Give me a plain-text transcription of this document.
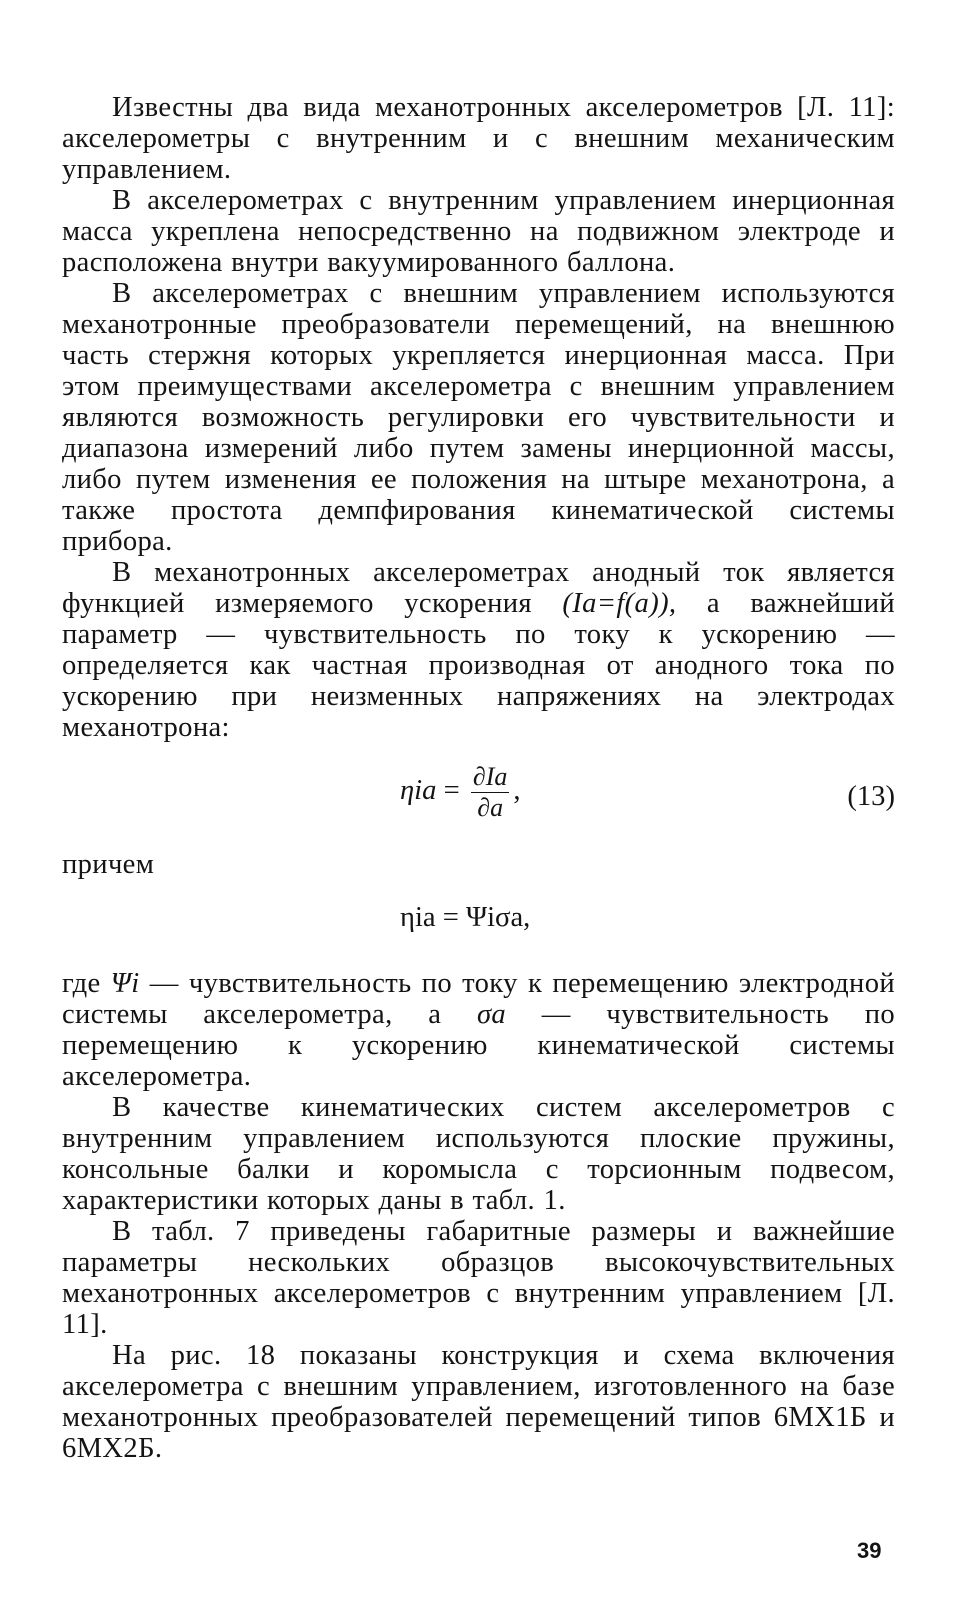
Известны два вида механотронных акселерометров [Л. 11]: акселерометры с внутренним и с внешним механическим управлением.

В акселерометрах с внутренним управлением инерционная масса укреплена непосредственно на подвижном электроде и расположена внутри вакуумированного баллона.

В акселерометрах с внешним управлением используются механотронные преобразователи перемещений, на внешнюю часть стержня которых укрепляется инерционная масса. При этом преимуществами акселерометра с внешним управлением являются возможность регулировки его чувствительности и диапазона измерений либо путем замены инерционной массы, либо путем изменения ее положения на штыре механотрона, а также простота демпфирования кинематической системы прибора.

В механотронных акселерометрах анодный ток является функцией измеряемого ускорения (Iа=f(a)), а важнейший параметр — чувствительность по току к ускорению — определяется как частная производная от анодного тока по ускорению при неизменных напряжениях на электродах механотрона:

$\eta iа = \frac{\partial Iа}{\partial a}$ ,	(13)

причем

ηiа = Ψiσа,

где Ψi — чувствительность по току к перемещению электродной системы акселерометра, а σа — чувствительность по перемещению к ускорению кинематической системы акселерометра.

В качестве кинематических систем акселерометров с внутренним управлением используются плоские пружины, консольные балки и коромысла с торсионным подвесом, характеристики которых даны в табл. 1.

В табл. 7 приведены габаритные размеры и важнейшие параметры нескольких образцов высокочувствительных механотронных акселерометров с внутренним управлением [Л. 11].

На рис. 18 показаны конструкция и схема включения акселерометра с внешним управлением, изготовленного на базе механотронных преобразователей перемещений типов 6МХ1Б и 6МХ2Б.

39
